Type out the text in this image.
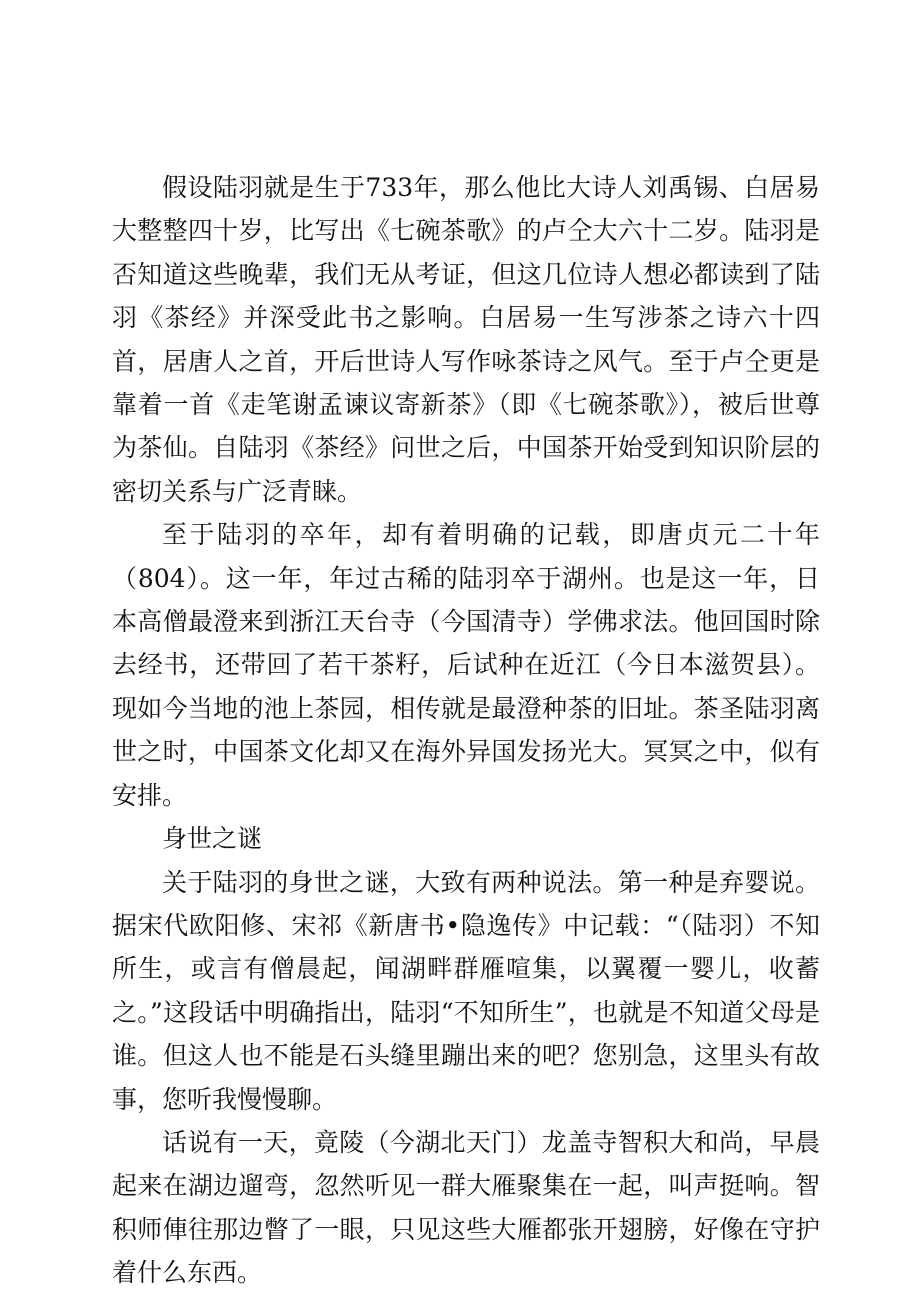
假设陆羽就是生于733年，那么他比大诗人刘禹锡、白居易大整整四十岁，比写出《七碗茶歌》的卢仝大六十二岁。陆羽是否知道这些晚辈，我们无从考证，但这几位诗人想必都读到了陆羽《茶经》并深受此书之影响。白居易一生写涉茶之诗六十四首，居唐人之首，开后世诗人写作咏茶诗之风气。至于卢仝更是靠着一首《走笔谢孟谏议寄新茶》（即《七碗茶歌》），被后世尊为茶仙。自陆羽《茶经》问世之后，中国茶开始受到知识阶层的密切关系与广泛青睐。

至于陆羽的卒年，却有着明确的记载，即唐贞元二十年（804）。这一年，年过古稀的陆羽卒于湖州。也是这一年，日本高僧最澄来到浙江天台寺（今国清寺）学佛求法。他回国时除去经书，还带回了若干茶籽，后试种在近江（今日本滋贺县）。现如今当地的池上茶园，相传就是最澄种茶的旧址。茶圣陆羽离世之时，中国茶文化却又在海外异国发扬光大。冥冥之中，似有安排。

身世之谜

关于陆羽的身世之谜，大致有两种说法。第一种是弃婴说。据宋代欧阳修、宋祁《新唐书•隐逸传》中记载：“（陆羽）不知所生，或言有僧晨起，闻湖畔群雁喧集，以翼覆一婴儿，收蓄之。”这段话中明确指出，陆羽“不知所生”，也就是不知道父母是谁。但这人也不能是石头缝里蹦出来的吧？您别急，这里头有故事，您听我慢慢聊。

话说有一天，竟陵（今湖北天门）龙盖寺智积大和尚，早晨起来在湖边遛弯，忽然听见一群大雁聚集在一起，叫声挺响。智积师俥往那边瞥了一眼，只见这些大雁都张开翅膀，好像在守护着什么东西。
